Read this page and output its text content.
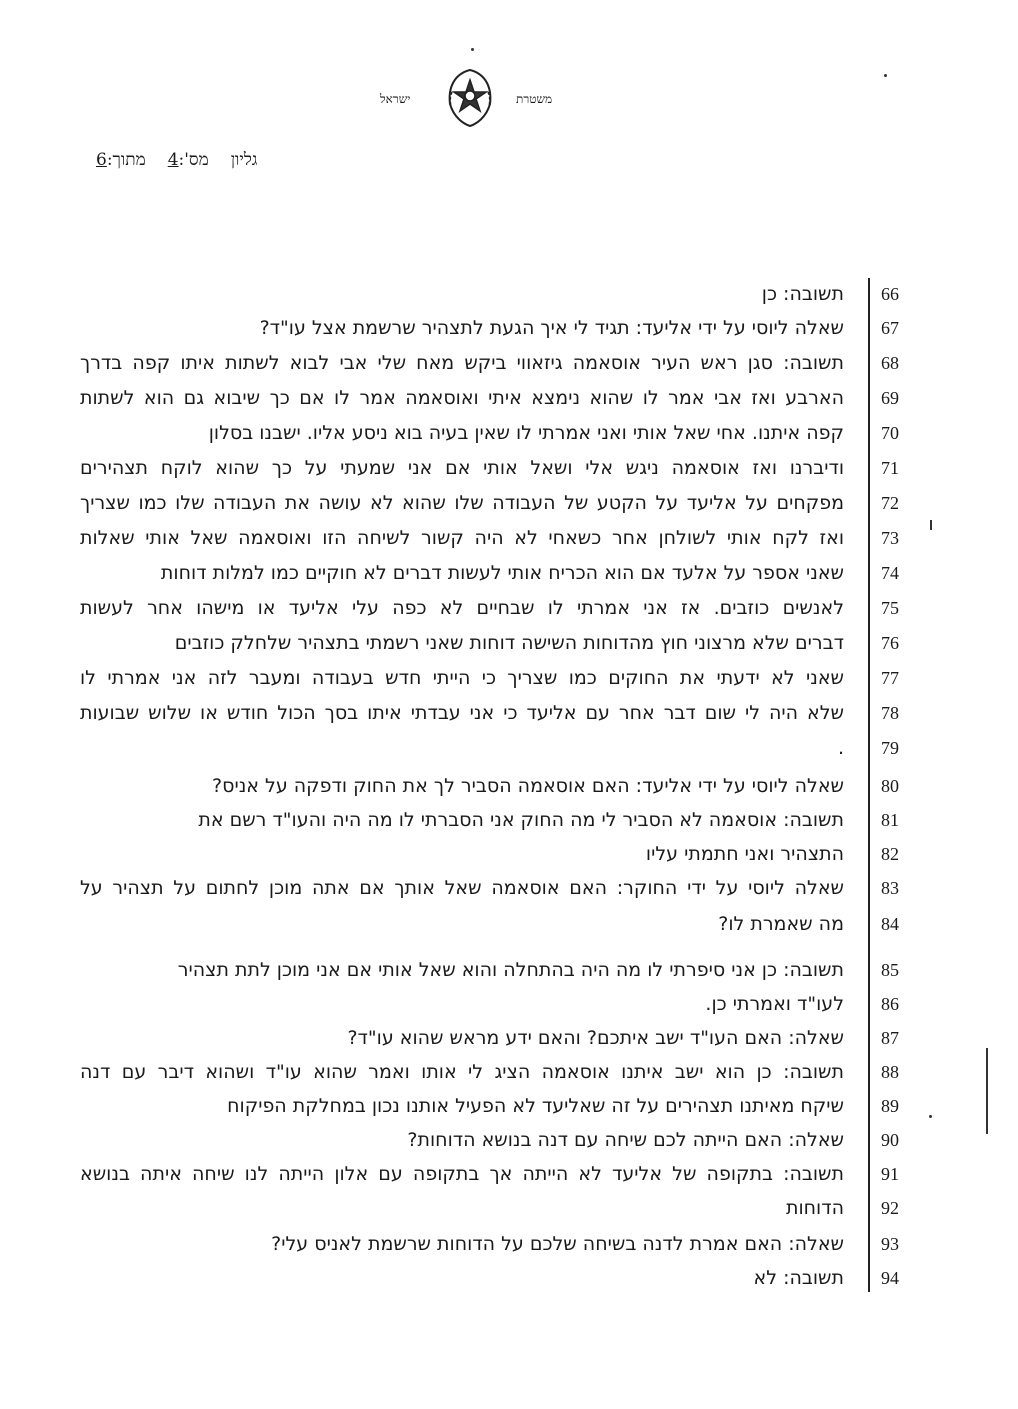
ישראל	משטרת
גליון
מס':4
מתוך:6
66
תשובה: כן
67
שאלה ליוסי על ידי אליעד: תגיד לי איך הגעת לתצהיר שרשמת אצל עו"ד?
68
תשובה: סגן ראש העיר אוסאמה גיזאווי ביקש מאח שלי אבי לבוא לשתות איתו קפה בדרך
69
הארבע ואז אבי אמר לו שהוא נימצא איתי ואוסאמה אמר לו אם כך שיבוא גם הוא לשתות
70
קפה איתנו. אחי שאל אותי ואני אמרתי לו שאין בעיה בוא ניסע אליו. ישבנו בסלון
71
ודיברנו ואז אוסאמה ניגש אלי ושאל אותי אם אני שמעתי על כך שהוא לוקח תצהירים
72
מפקחים על אליעד על הקטע של העבודה שלו שהוא לא עושה את העבודה שלו כמו שצריך
73
ואז לקח אותי לשולחן אחר כשאחי לא היה קשור לשיחה הזו ואוסאמה שאל אותי שאלות
74
שאני אספר על אלעד אם הוא הכריח אותי לעשות דברים לא חוקיים כמו למלות דוחות
75
לאנשים כוזבים. אז אני אמרתי לו שבחיים לא כפה עלי אליעד או מישהו אחר לעשות
76
דברים שלא מרצוני חוץ מהדוחות השישה דוחות שאני רשמתי בתצהיר שלחלק כוזבים
77
שאני לא ידעתי את החוקים כמו שצריך כי הייתי חדש בעבודה ומעבר לזה אני אמרתי לו
78
שלא היה לי שום דבר אחר עם אליעד כי אני עבדתי איתו בסך הכול חודש או שלוש שבועות
79
.
80
שאלה ליוסי על ידי אליעד: האם אוסאמה הסביר לך את החוק ודפקה על אניס?
81
תשובה: אוסאמה לא הסביר לי מה החוק אני הסברתי לו מה היה והעו"ד רשם את
82
התצהיר ואני חתמתי עליו
83
שאלה ליוסי על ידי החוקר: האם אוסאמה שאל אותך אם אתה מוכן לחתום על תצהיר על
84
מה שאמרת לו?
85
תשובה: כן אני סיפרתי לו מה היה בהתחלה והוא שאל אותי אם אני מוכן לתת תצהיר
86
לעו"ד ואמרתי כן.
87
שאלה: האם העו"ד ישב איתכם? והאם ידע מראש שהוא עו"ד?
88
תשובה: כן הוא ישב איתנו אוסאמה הציג לי אותו ואמר שהוא עו"ד ושהוא דיבר עם דנה
89
שיקח מאיתנו תצהירים על זה שאליעד לא הפעיל אותנו נכון במחלקת הפיקוח
90
שאלה: האם הייתה לכם שיחה עם דנה בנושא הדוחות?
91
תשובה: בתקופה של אליעד לא הייתה אך בתקופה עם אלון הייתה לנו שיחה איתה בנושא
92
הדוחות
93
שאלה: האם אמרת לדנה בשיחה שלכם על הדוחות שרשמת לאניס עלי?
94
תשובה: לא
